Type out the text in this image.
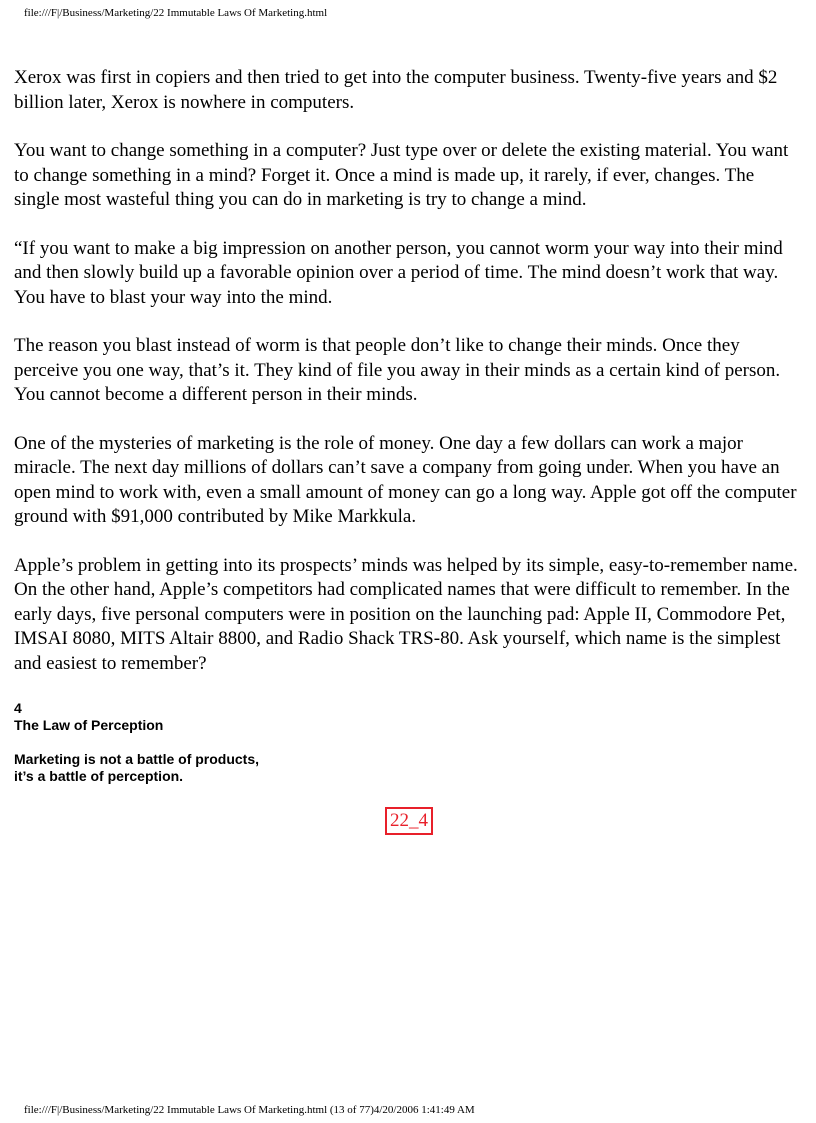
file:///F|/Business/Marketing/22 Immutable Laws Of Marketing.html

Xerox was first in copiers and then tried to get into the computer business. Twenty-five years and $2 billion later, Xerox is nowhere in computers.

You want to change something in a computer? Just type over or delete the existing material. You want to change something in a mind? Forget it. Once a mind is made up, it rarely, if ever, changes. The single most wasteful thing you can do in marketing is try to change a mind.

“If you want to make a big impression on another person, you cannot worm your way into their mind and then slowly build up a favorable opinion over a period of time. The mind doesn’t work that way. You have to blast your way into the mind.

The reason you blast instead of worm is that people don’t like to change their minds. Once they perceive you one way, that’s it. They kind of file you away in their minds as a certain kind of person. You cannot become a different person in their minds.

One of the mysteries of marketing is the role of money. One day a few dollars can work a major miracle. The next day millions of dollars can’t save a company from going under. When you have an open mind to work with, even a small amount of money can go a long way. Apple got off the computer ground with $91,000 contributed by Mike Markkula.

Apple’s problem in getting into its prospects’ minds was helped by its simple, easy-to-remember name. On the other hand, Apple’s competitors had complicated names that were difficult to remember. In the early days, five personal computers were in position on the launching pad: Apple II, Commodore Pet, IMSAI 8080, MITS Altair 8800, and Radio Shack TRS-80. Ask yourself, which name is the simplest and easiest to remember?

4
The Law of Perception

Marketing is not a battle of products,

it’s a battle of perception.

22_4
file:///F|/Business/Marketing/22 Immutable Laws Of Marketing.html (13 of 77)4/20/2006 1:41:49 AM
